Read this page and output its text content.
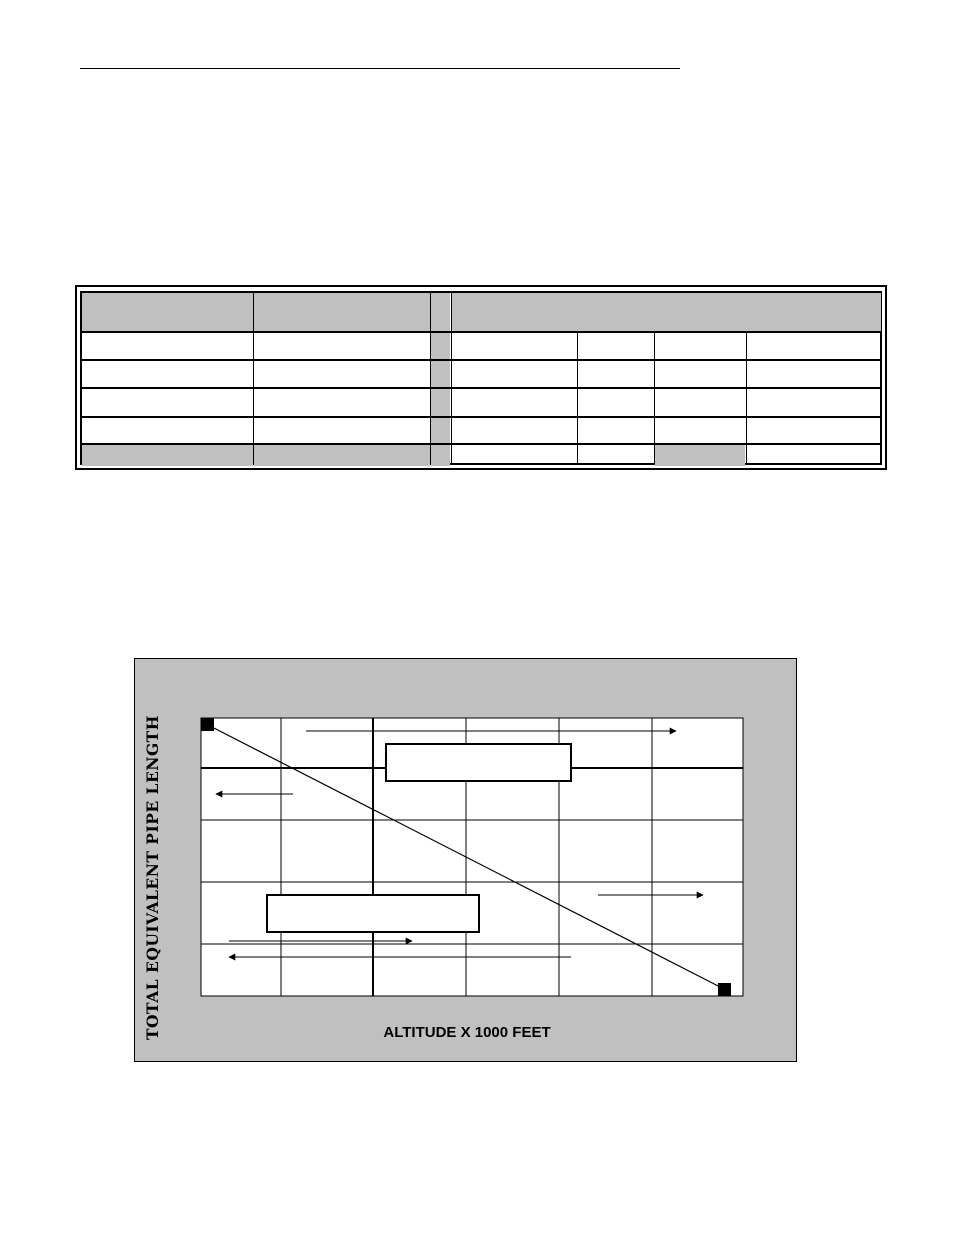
TOTAL EQUIVALENT PIPE LENGTH	ALTITUDE X 1000 FEET
